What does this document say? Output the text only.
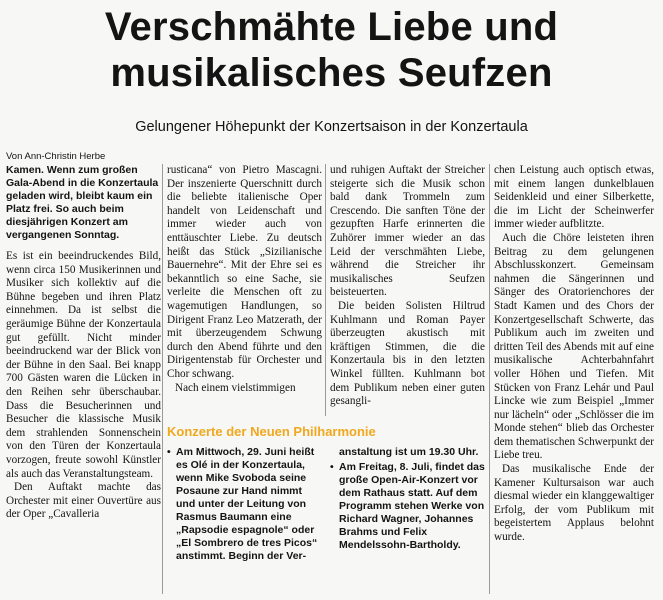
Verschmähte Liebe und
musikalisches Seufzen
Gelungener Höhepunkt der Konzertsaison in der Konzertaula
Von Ann-Christin Herbe
Kamen. Wenn zum großen Gala-Abend in die Konzertaula geladen wird, bleibt kaum ein Platz frei. So auch beim diesjährigen Konzert am vergangenen Sonntag.

Es ist ein beeindruckendes Bild, wenn circa 150 Musikerinnen und Musiker sich kollektiv auf die Bühne begeben und ihren Platz einnehmen. Da ist selbst die geräumige Bühne der Konzertaula gut gefüllt. Nicht minder beeindruckend war der Blick von der Bühne in den Saal. Bei knapp 700 Gästen waren die Lücken in den Reihen sehr überschaubar. Dass die Besucherinnen und Besucher die klassische Musik dem strahlenden Sonnenschein von den Türen der Konzertaula vorzogen, freute sowohl Künstler als auch das Veranstaltungsteam.

Den Auftakt machte das Orchester mit einer Ouvertüre aus der Oper „Cavalleria

rusticana“ von Pietro Mascagni. Der inszenierte Querschnitt durch die beliebte italienische Oper handelt von Leidenschaft und immer wieder auch von enttäuschter Liebe. Zu deutsch heißt das Stück „Sizilianische Bauernehre“. Mit der Ehre sei es bekanntlich so eine Sache, sie verleite die Menschen oft zu wagemutigen Handlungen, so Dirigent Franz Leo Matzerath, der mit überzeugendem Schwung durch den Abend führte und den Dirigentenstab für Orchester und Chor schwang.

Nach einem vielstimmigen

und ruhigen Auftakt der Streicher steigerte sich die Musik schon bald dank Trommeln zum Crescendo. Die sanften Töne der gezupften Harfe erinnerten die Zuhörer immer wieder an das Leid der verschmähten Liebe, während die Streicher ihr musikalisches Seufzen beisteuerten.

Die beiden Solisten Hiltrud Kuhlmann und Roman Payer überzeugten akustisch mit kräftigen Stimmen, die die Konzertaula bis in den letzten Winkel füllten. Kuhlmann bot dem Publikum neben einer guten gesangli-

chen Leistung auch optisch etwas, mit einem langen dunkelblauen Seidenkleid und einer Silberkette, die im Licht der Scheinwerfer immer wieder aufblitzte.

Auch die Chöre leisteten ihren Beitrag zu dem gelungenen Abschlusskonzert. Gemeinsam nahmen die Sängerinnen und Sänger des Oratorienchores der Stadt Kamen und des Chors der Konzertgesellschaft Schwerte, das Publikum auch im zweiten und dritten Teil des Abends mit auf eine musikalische Achterbahnfahrt voller Höhen und Tiefen. Mit Stücken von Franz Lehár und Paul Lincke wie zum Beispiel „Immer nur lächeln“ oder „Schlösser die im Monde stehen“ blieb das Orchester dem thematischen Schwerpunkt der Liebe treu.

Das musikalische Ende der Kamener Kultursaison war auch diesmal wieder ein klanggewaltiger Erfolg, der vom Publikum mit begeistertem Applaus belohnt wurde.

Konzerte der Neuen Philharmonie

• Am Mittwoch, 29. Juni heißt es Olé in der Konzertaula, wenn Mike Svoboda seine Posaune zur Hand nimmt und unter der Leitung von Rasmus Baumann eine „Rapsodie espagnole“ oder „El Sombrero de tres Picos“ anstimmt. Beginn der Ver-

anstaltung ist um 19.30 Uhr.

• Am Freitag, 8. Juli, findet das große Open-Air-Konzert vor dem Rathaus statt. Auf dem Programm stehen Werke von Richard Wagner, Johannes Brahms und Felix Mendelssohn-Bartholdy.
